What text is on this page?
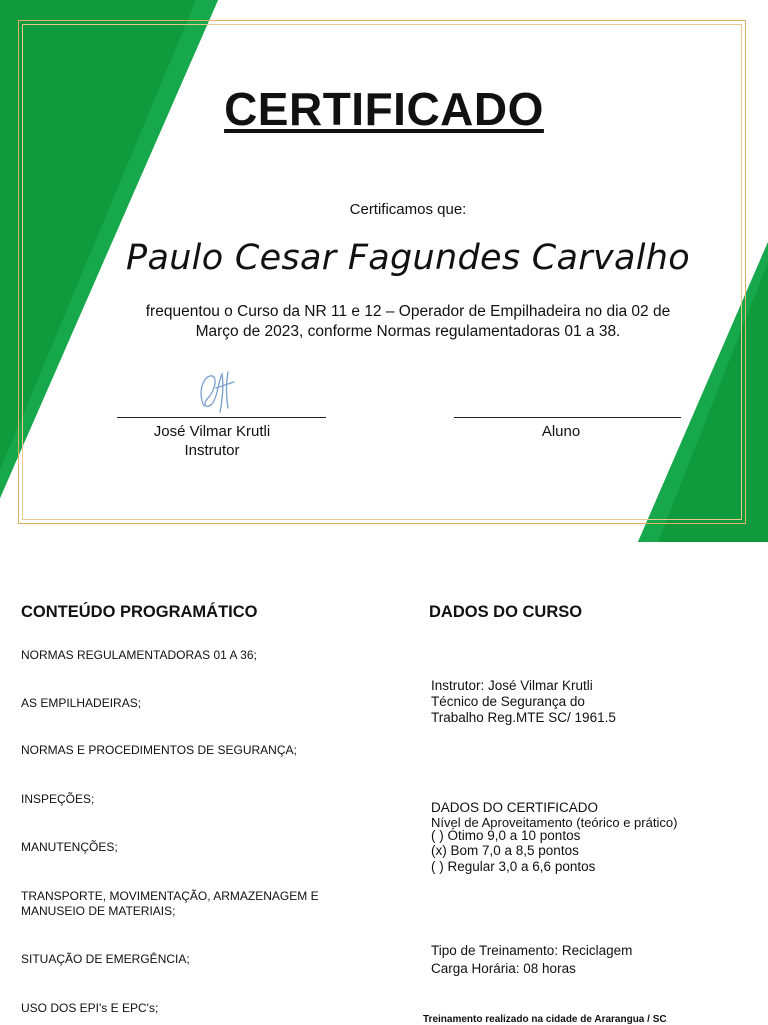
CERTIFICADO
Certificamos que:
Paulo Cesar Fagundes Carvalho
frequentou o Curso da NR 11 e 12 – Operador de Empilhadeira no dia 02 de
Março de 2023, conforme Normas regulamentadoras 01 a 38.
José Vilmar Krutli
Instrutor
Aluno
CONTEÚDO PROGRAMÁTICO
NORMAS REGULAMENTADORAS 01 A 36;
AS EMPILHADEIRAS;
NORMAS E PROCEDIMENTOS DE SEGURANÇA;
INSPEÇÕES;
MANUTENÇÕES;
TRANSPORTE, MOVIMENTAÇÃO, ARMAZENAGEM E
MANUSEIO DE MATERIAIS;
SITUAÇÃO DE EMERGÊNCIA;
USO DOS EPI's E EPC's;
DADOS DO CURSO
Instrutor: José Vilmar Krutli
Técnico de Segurança do
Trabalho Reg.MTE SC/ 1961.5
DADOS DO CERTIFICADO
Nível de Aproveitamento (teórico e prático)
( ) Ótimo 9,0 a 10 pontos
(x) Bom 7,0 a 8,5 pontos
( ) Regular 3,0 a 6,6 pontos
Tipo de Treinamento: Reciclagem
Carga Horária: 08 horas
Treinamento realizado na cidade de Ararangua / SC
